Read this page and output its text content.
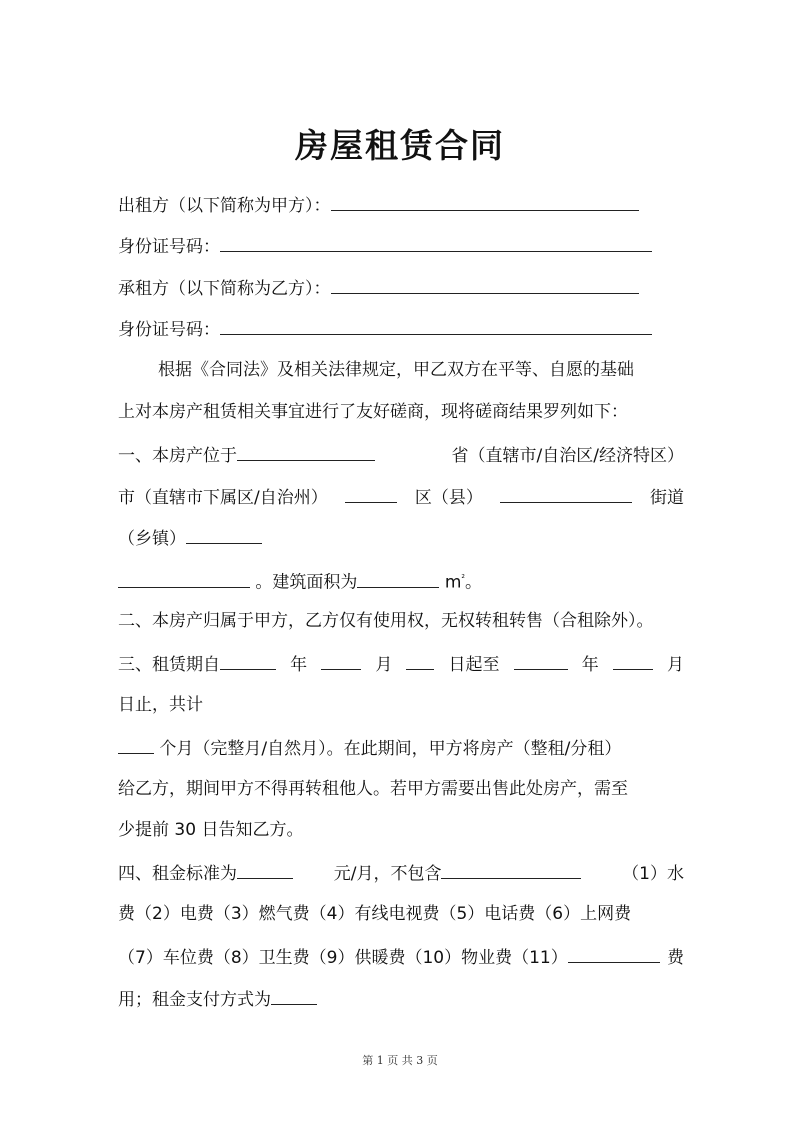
房屋租赁合同
出租方（以下简称为甲方）：
身份证号码：
承租方（以下简称为乙方）：
身份证号码：
根据《合同法》及相关法律规定，甲乙双方在平等、自愿的基础
上对本房产租赁相关事宜进行了友好磋商，现将磋商结果罗列如下：
一、本房产位于	省（直辖市/自治区/经济特区）
市（直辖市下属区/自治州）	区（县）	街道
（乡镇）
。建筑面积为	$m^{^2}$。
二、本房产归属于甲方，乙方仅有使用权，无权转租转售（合租除外）。
三、租赁期自	年	月	日起至	年	月
日止，共计
个月（完整月/自然月）。在此期间，甲方将房产（整租/分租）
给乙方，期间甲方不得再转租他人。若甲方需要出售此处房产，需至
少提前 30 日告知乙方。
四、租金标准为	元/月，不包含	（1）水
费（2）电费（3）燃气费（4）有线电视费（5）电话费（6）上网费
（7）车位费（8）卫生费（9）供暖费（10）物业费（11）	费
用；租金支付方式为
第 1 页 共 3 页
